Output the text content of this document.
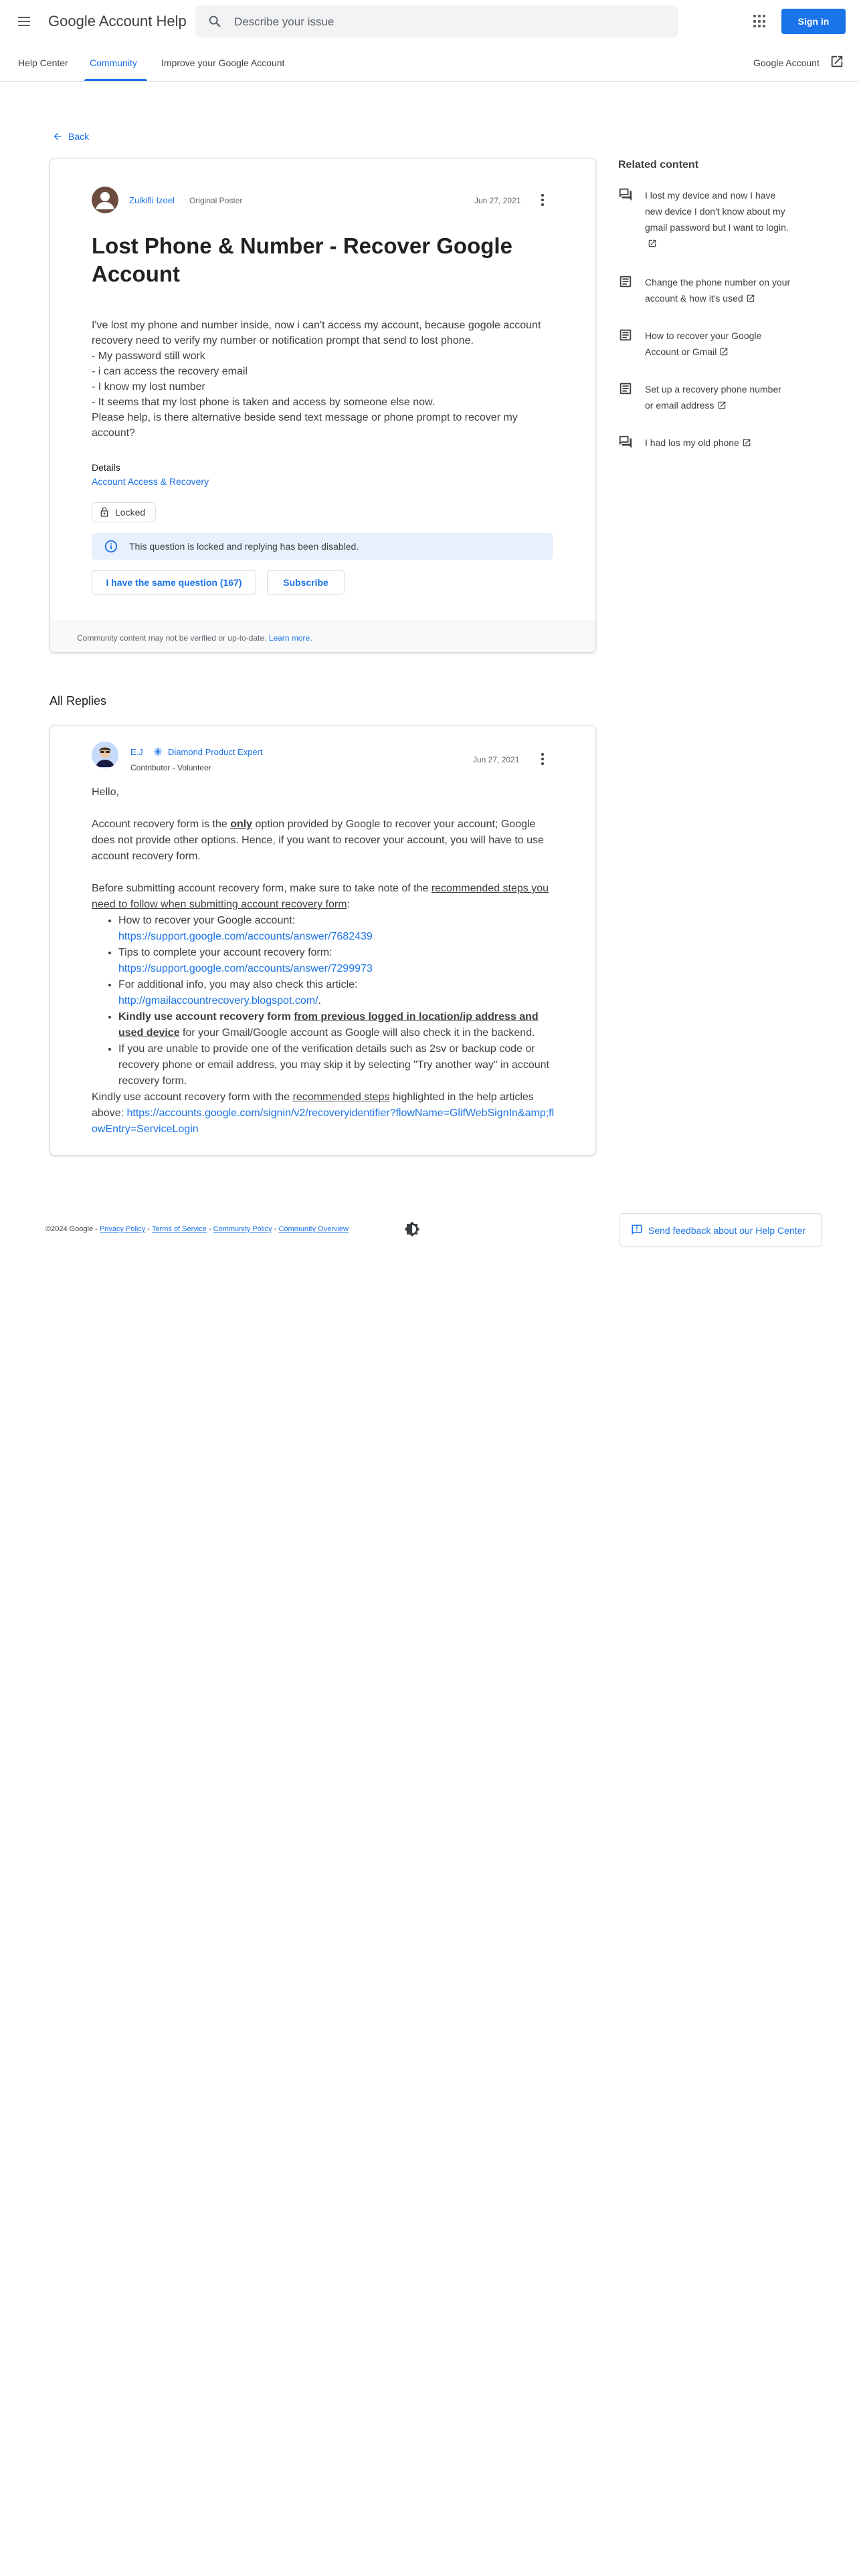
Google Account Help	Describe your issue	Sign in
Help Center Community	Improve your Google Account	Google Account
Back
Zulkifli Izoel Original Poster	Jun 27, 2021
Lost Phone & Number - Recover Google Account
I've lost my phone and number inside, now i can't access my account, because gogole account recovery need to verify my number or notification prompt that send to lost phone.
- My password still work
- i can access the recovery email
- I know my lost number
- It seems that my lost phone is taken and access by someone else now.
Please help, is there alternative beside send text message or phone prompt to recover my account?
Details
Account Access & Recovery
Locked
This question is locked and replying has been disabled.
I have the same question (167)	Subscribe
Community content may not be verified or up-to-date. Learn more.
Related content
I lost my device and now I have new device I don't know about my gmail password but I want to login.
Change the phone number on your account & how it's used
How to recover your Google Account or Gmail
Set up a recovery phone number or email address
I had los my old phone
All Replies
E.J	Diamond Product Expert
Contributor - Volunteer
Jun 27, 2021

Hello,

Account recovery form is the only option provided by Google to recover your account; Google does not provide other options. Hence, if you want to recover your account, you will have to use account recovery form.

Before submitting account recovery form, make sure to take note of the recommended steps you need to follow when submitting account recovery form:
• How to recover your Google account:
https://support.google.com/accounts/answer/7682439
• Tips to complete your account recovery form:
https://support.google.com/accounts/answer/7299973
• For additional info, you may also check this article: http://gmailaccountrecovery.blogspot.com/.
• Kindly use account recovery form from previous logged in location/ip address and used device for your Gmail/Google account as Google will also check it in the backend.
• If you are unable to provide one of the verification details such as 2sv or backup code or recovery phone or email address, you may skip it by selecting "Try another way" in account recovery form.
Kindly use account recovery form with the recommended steps highlighted in the help articles above: https://accounts.google.com/signin/v2/recoveryidentifier?flowName=GlifWebSignIn&amp;flowEntry=ServiceLogin
©2024 Google - Privacy Policy - Terms of Service - Community Policy - Community Overview	Send feedback about our Help Center
